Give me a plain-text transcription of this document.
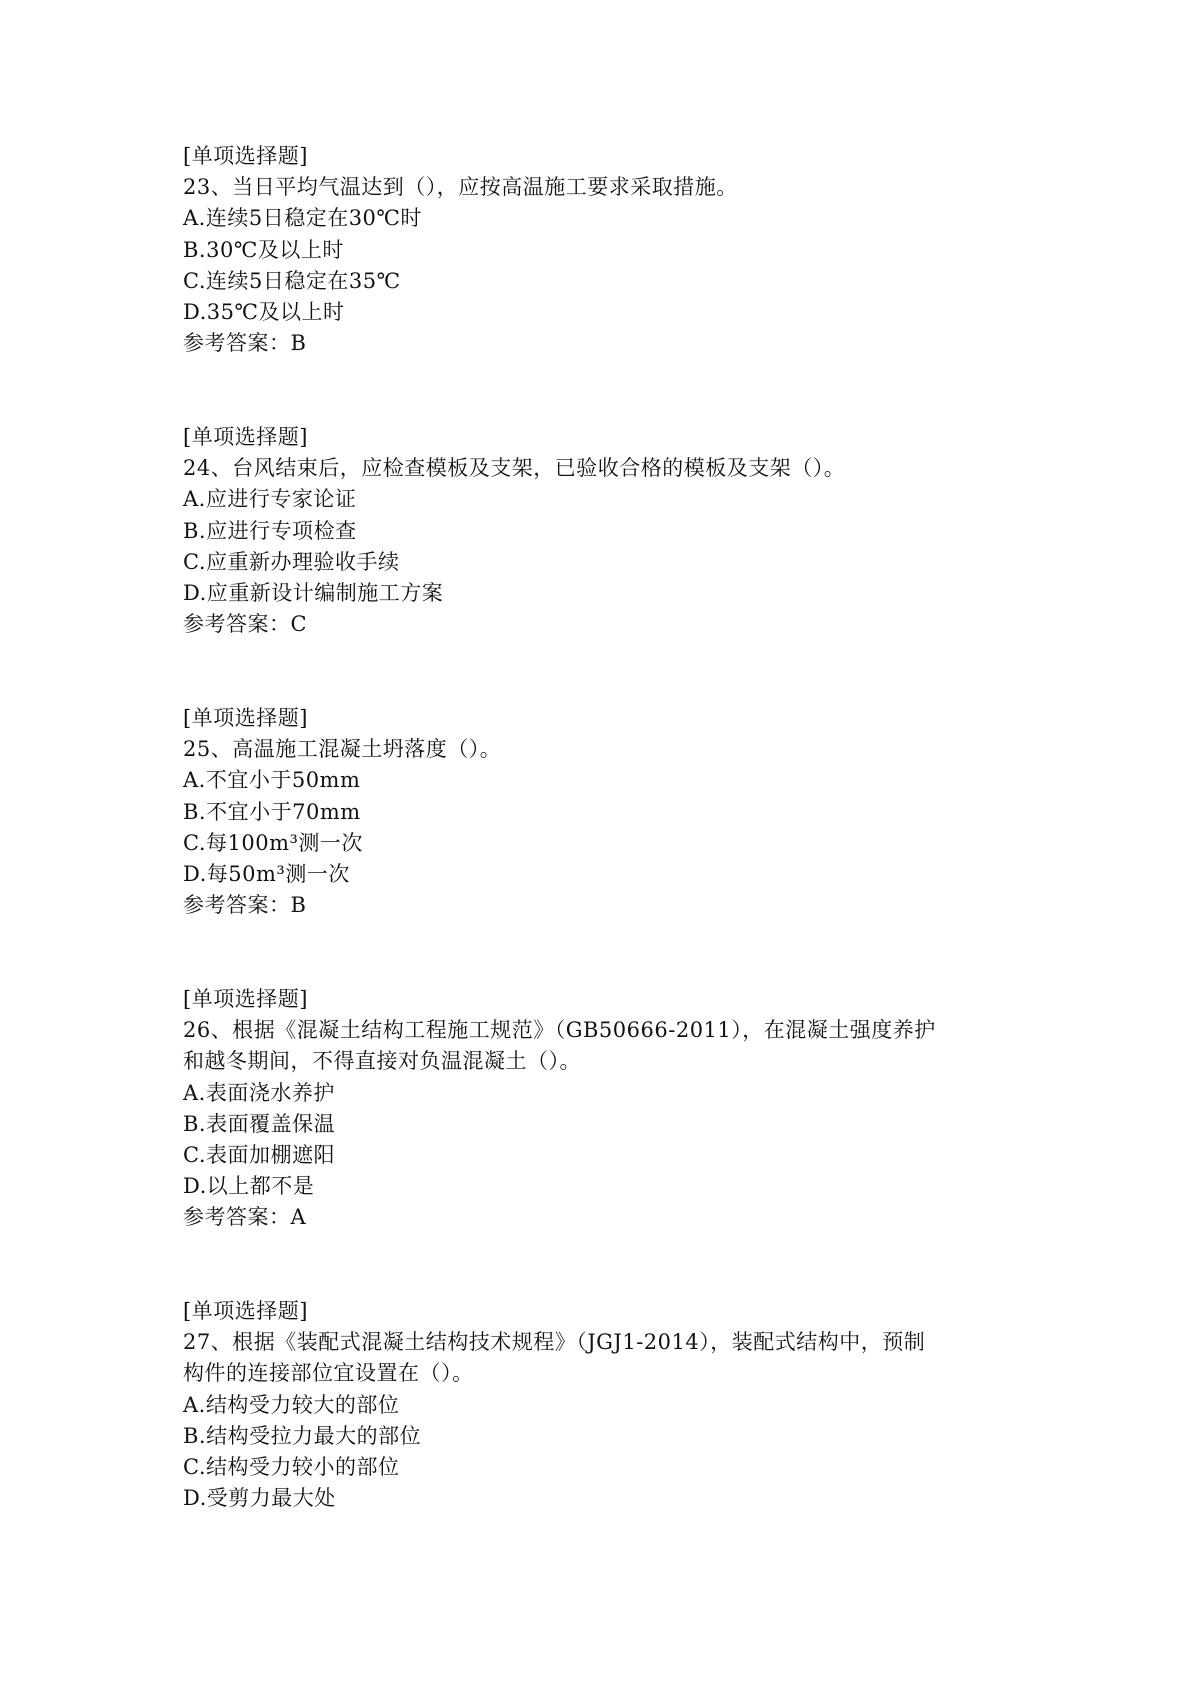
[单项选择题]
23、当日平均气温达到（），应按高温施工要求采取措施。
A.连续5日稳定在30℃时
B.30℃及以上时
C.连续5日稳定在35℃
D.35℃及以上时
参考答案：B
[单项选择题]
24、台风结束后，应检查模板及支架，已验收合格的模板及支架（）。
A.应进行专家论证
B.应进行专项检查
C.应重新办理验收手续
D.应重新设计编制施工方案
参考答案：C
[单项选择题]
25、高温施工混凝土坍落度（）。
A.不宜小于50mm
B.不宜小于70mm
C.每100m³测一次
D.每50m³测一次
参考答案：B
[单项选择题]
26、根据《混凝土结构工程施工规范》（GB50666-2011），在混凝土强度养护
和越冬期间，不得直接对负温混凝土（）。
A.表面浇水养护
B.表面覆盖保温
C.表面加棚遮阳
D.以上都不是
参考答案：A
[单项选择题]
27、根据《装配式混凝土结构技术规程》（JGJ1-2014），装配式结构中，预制
构件的连接部位宜设置在（）。
A.结构受力较大的部位
B.结构受拉力最大的部位
C.结构受力较小的部位
D.受剪力最大处
